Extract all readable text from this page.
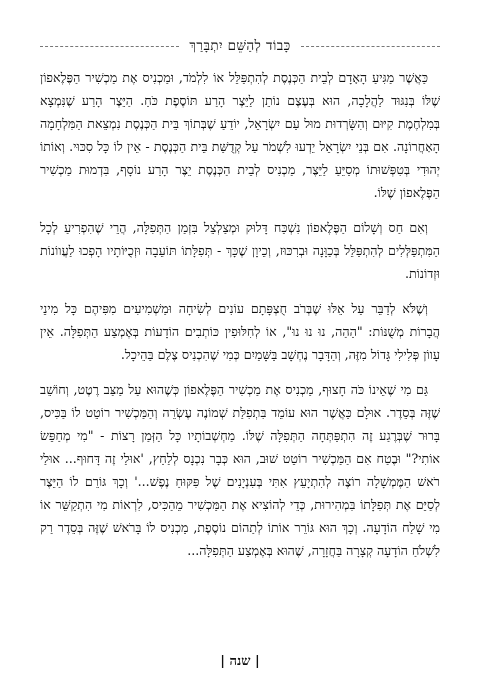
כָּבוֹד לְהַשֵּׁם יִתְבָּרַךְ

כַּאֲשֶׁר מַגִּיעַ הָאָדָם לְבֵית הַכְּנֶסֶת לְהִתְפַּלֵּל אוֹ לִלְמֹד, וּמַכְנִיס אֶת מַכְשִׁיר הַפֶּלֶאפוֹן שֶׁלּוֹ בְּנִגּוּד לַהֲלָכָה, הוּא בְּעֶצֶם נוֹתֵן לַיֵּצֶר הָרַע תּוֹסֶפֶת כֹּחַ. הַיֵּצֶר הָרַע שֶׁנִּמְצָא בְּמִלְחֶמֶת קִיּוּם וְהִשָּׂרְדוּת מוּל עַם יִשְׂרָאֵל, יוֹדֵעַ שֶׁבְּתוֹךְ בֵּית הַכְּנֶסֶת נִמְצֵאת הַמִּלְחָמָה הָאַחֲרוֹנָה. אִם בְּנֵי יִשְׂרָאֵל יֵדְעוּ לִשְׁמֹר עַל קְדֻשַּׁת בֵּית הַכְּנֶסֶת - אֵין לוֹ כָּל סִכּוּי. וְאוֹתוֹ יְהוּדִי בְּטִפְּשׁוּתוֹ מְסַיֵּעַ לַיֵּצֶר, מַכְנִיס לְבֵית הַכְּנֶסֶת יֵצֶר הָרַע נוֹסָף, בִּדְמוּת מַכְשִׁיר הַפֶּלֶאפוֹן שֶׁלּוֹ.

וְאִם חַס וְשָׁלוֹם הַפֶּלֶאפוֹן נִשְׁכַּח דָּלוּק וּמְצַלְצֵל בִּזְמַן הַתְּפִלָּה, הֲרֵי שֶׁהִפְרִיעַ לְכָל הַמִּתְפַּלְּלִים לְהִתְפַּלֵּל בְּכַוָּנָה וּבְרִכּוּז, וְכֵיוָן שֶׁכָּךְ - תְּפִלָּתוֹ תּוֹעֵבָה וּזְכֻיּוֹתָיו הָפְכוּ לַעֲווֹנוֹת וּזְדוֹנוֹת.

וְשֶׁלֹּא לְדַבֵּר עַל אֵלּוּ שֶׁבְּרֹב חֻצְפָּתָם עוֹנִים לְשִׂיחָה וּמַשְׁמִיעִים מִפִּיהֶם כָּל מִינֵי הֲבָרוֹת מְשֻׁנּוֹת: "הַהַה, נוּ נוּ נוּ", אוֹ לְחִלּוּפִין כּוֹתְבִים הוֹדָעוֹת בְּאֶמְצַע הַתְּפִלָּה. אֵין עָווֹן פְּלִילִי גָּדוֹל מִזֶּה, וְהַדָּבָר נֶחְשָׁב בַּשָּׁמַיִם כְּמִי שֶׁהִכְנִיס צֶלֶם בַּהֵיכָל.

גַּם מִי שֶׁאֵינוֹ כֹּה חָצוּף, מַכְנִיס אֶת מַכְשִׁיר הַפֶּלֶאפוֹן כְּשֶׁהוּא עַל מַצַּב רֶטֶט, וְחוֹשֵׁב שֶׁזֶּה בְּסֵדֶר. אוּלָם כַּאֲשֶׁר הוּא עוֹמֵד בִּתְפִלַּת שְׁמוֹנֶה עֶשְׂרֵה וְהַמַּכְשִׁיר רוֹטֵט לוֹ בַּכִּיס, בָּרוּר שֶׁבְּרֶגַע זֶה הִתְפַּתְּחָה הַתְּפִלָּה שֶׁלּוֹ. מַחְשְׁבוֹתָיו כָּל הַזְּמַן רָצוֹת - "מִי מְחַפֵּשׂ אוֹתִי?" וּבֶטַח אִם הַמַּכְשִׁיר רוֹטֵט שׁוּב, הוּא כְּבָר נִכְנָס לְלַחַץ, 'אוּלַי זֶה דָּחוּף... אוּלַי רֹאשׁ הַמֶּמְשָׁלָה רוֹצֶה לְהִתְיָעֵץ אִתִּי בְּעִנְיָנִים שֶׁל פִּקּוּחַ נֶפֶשׁ...' וְכָךְ גּוֹרֵם לוֹ הַיֵּצֶר לְסַיֵּם אֶת תְּפִלָּתוֹ בִּמְהִירוּת, כְּדֵי לְהוֹצִיא אֶת הַמַּכְשִׁיר מֵהַכִּיס, לִרְאוֹת מִי הִתְקַשֵּׁר אוֹ מִי שָׁלַח הוֹדָעָה. וְכָךְ הוּא גּוֹרֵר אוֹתוֹ לְתַהוֹם נוֹסֶפֶת, מַכְנִיס לוֹ בָּרֹאשׁ שֶׁזֶּה בְּסֵדֶר רַק לִשְׁלֹחַ הוֹדָעָה קְצָרָה בַּחֲזָרָה, שֶׁהוּא בְּאֶמְצַע הַתְּפִלָּה...

| שנה |
